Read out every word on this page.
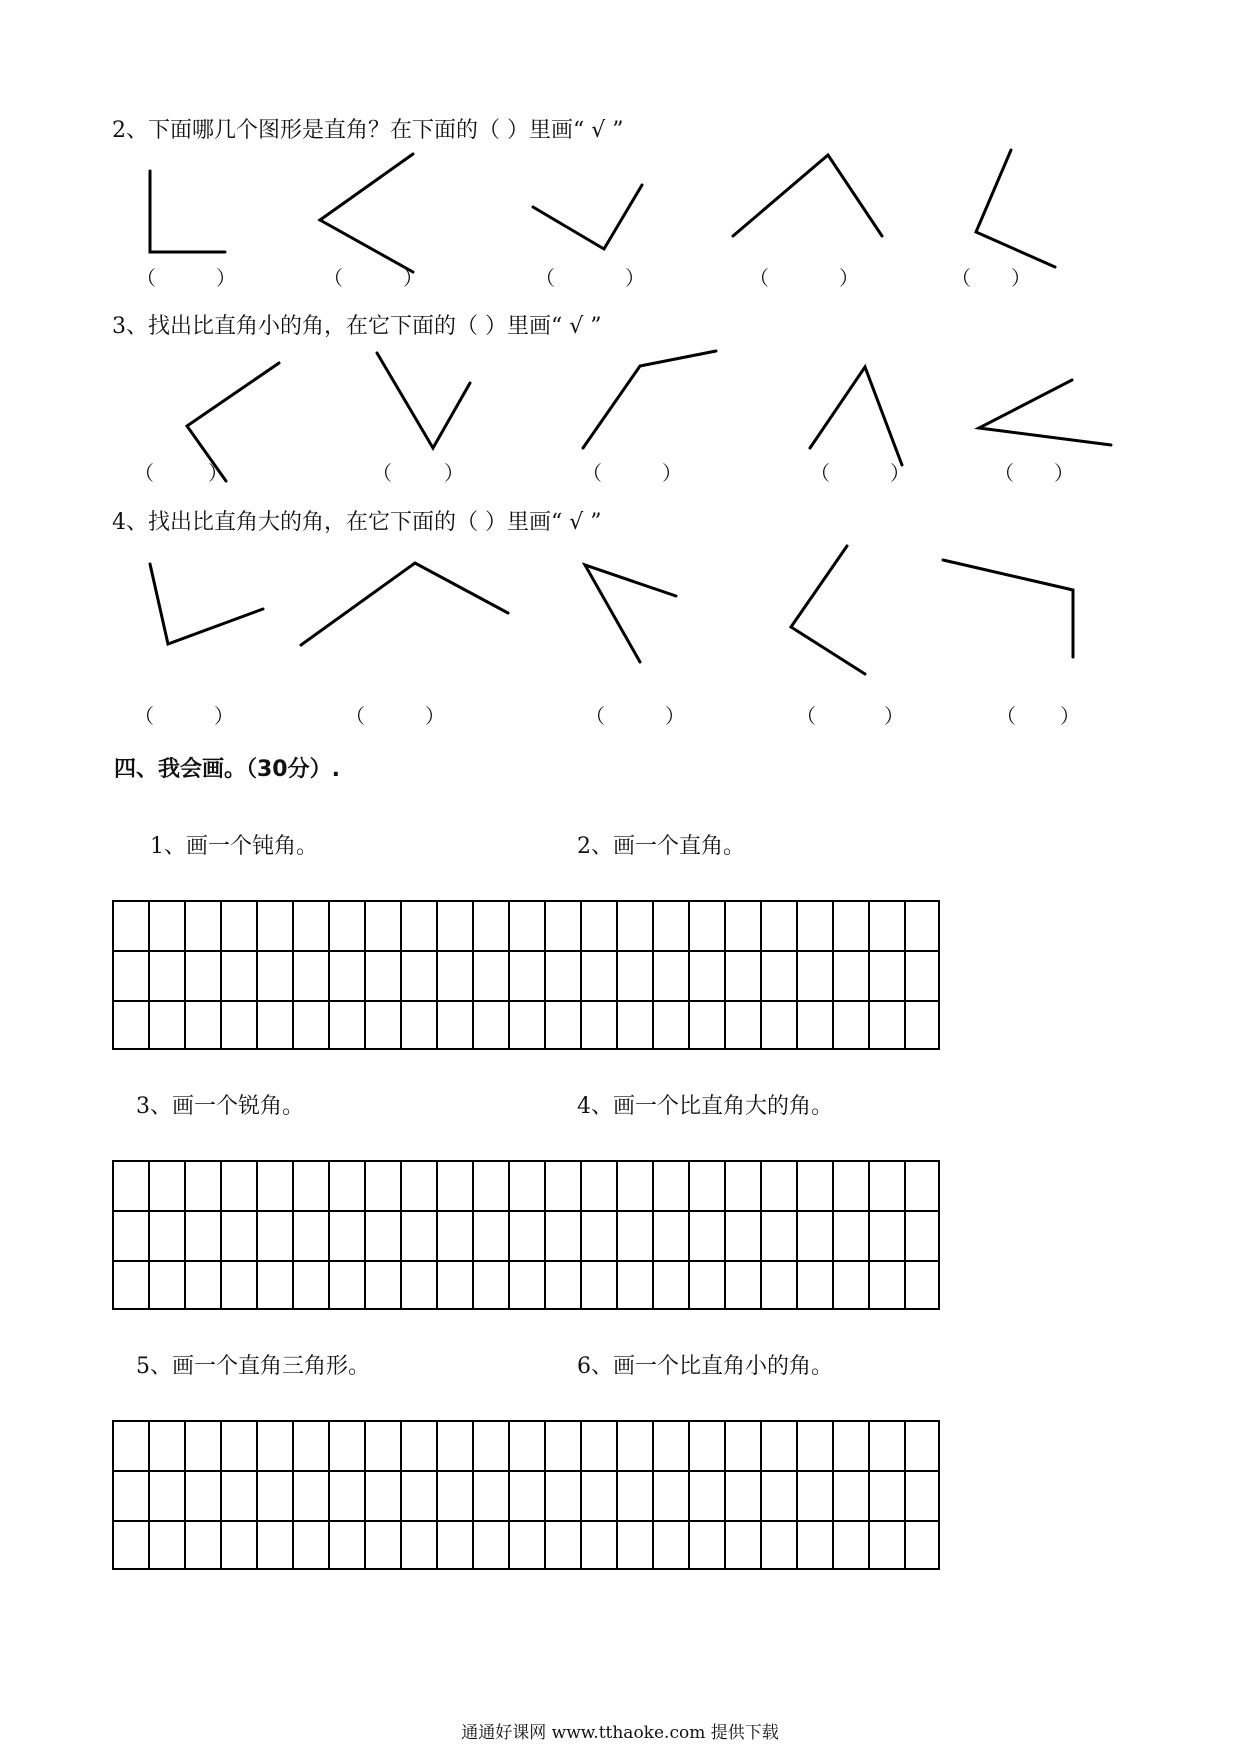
2、下面哪几个图形是直角？在下面的（ ）里画“ √ ”
3、找出比直角小的角，在它下面的（ ）里画“ √ ”
4、找出比直角大的角，在它下面的（ ）里画“ √ ”
（	）	（	）	（	）	（	）	（ ）
（	）	（	）	（	）	（	）	（ ）
（	）	（	）	（	）	（	）	（ ）
四、我会画。（30分）.
1、画一个钝角。	2、画一个直角。
3、画一个锐角。	4、画一个比直角大的角。
5、画一个直角三角形。	6、画一个比直角小的角。
通通好课网 www.tthaoke.com 提供下载
